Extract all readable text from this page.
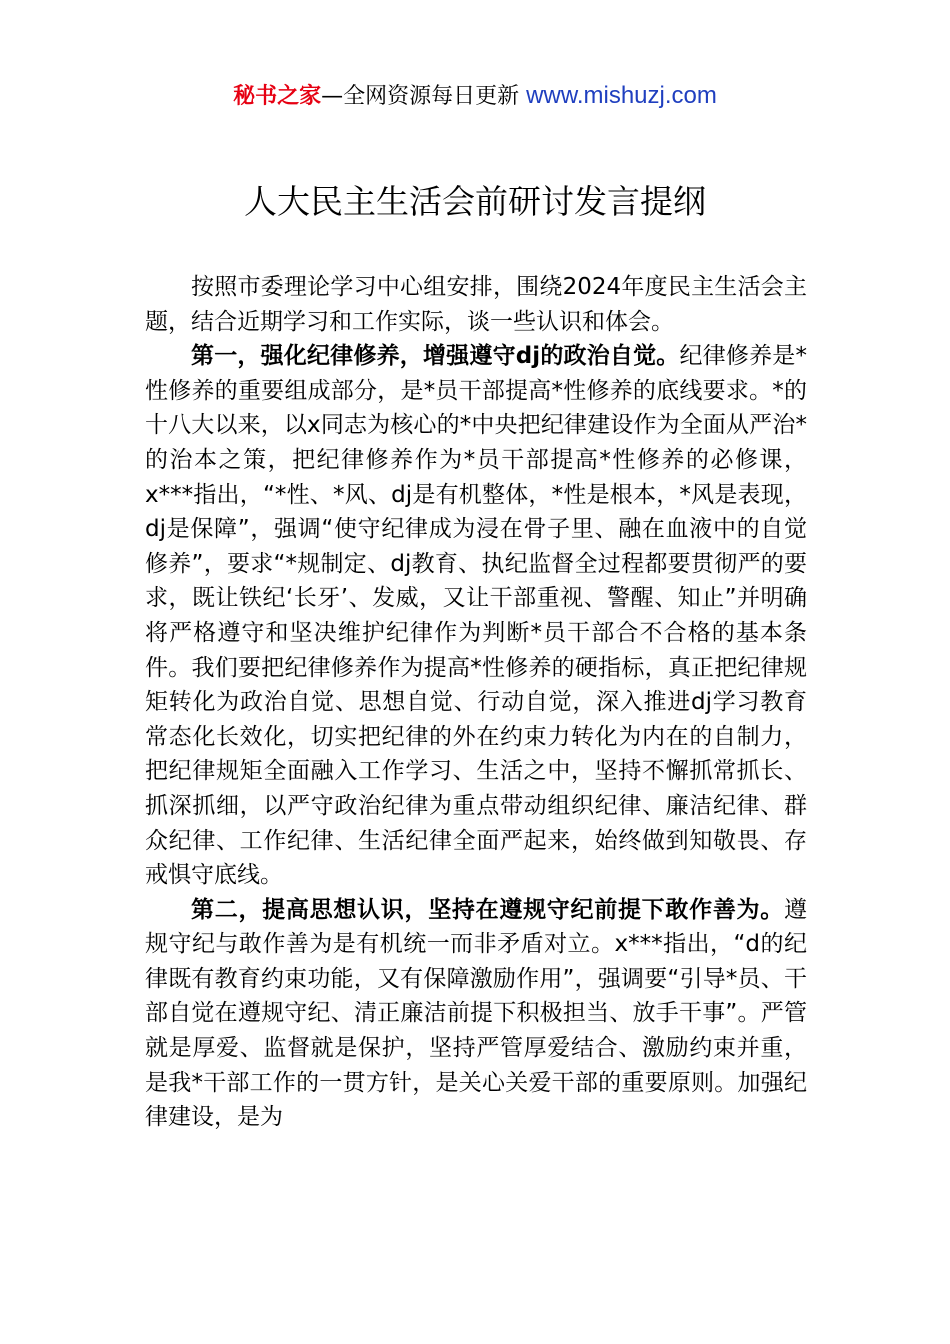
秘书之家—全网资源每日更新 www.mishuzj.com
人大民主生活会前研讨发言提纲

按照市委理论学习中心组安排，围绕2024年度民主生活会主题，结合近期学习和工作实际，谈一些认识和体会。

第一，强化纪律修养，增强遵守dj的政治自觉。纪律修养是*性修养的重要组成部分，是*员干部提高*性修养的底线要求。*的十八大以来，以x同志为核心的*中央把纪律建设作为全面从严治*的治本之策，把纪律修养作为*员干部提高*性修养的必修课，x***指出，“*性、*风、dj是有机整体，*性是根本，*风是表现，dj是保障”，强调“使守纪律成为浸在骨子里、融在血液中的自觉修养”，要求“*规制定、dj教育、执纪监督全过程都要贯彻严的要求，既让铁纪‘长牙’、发威，又让干部重视、警醒、知止”并明确将严格遵守和坚决维护纪律作为判断*员干部合不合格的基本条件。我们要把纪律修养作为提高*性修养的硬指标，真正把纪律规矩转化为政治自觉、思想自觉、行动自觉，深入推进dj学习教育常态化长效化，切实把纪律的外在约束力转化为内在的自制力，把纪律规矩全面融入工作学习、生活之中，坚持不懈抓常抓长、抓深抓细，以严守政治纪律为重点带动组织纪律、廉洁纪律、群众纪律、工作纪律、生活纪律全面严起来，始终做到知敬畏、存戒惧守底线。

第二，提高思想认识，坚持在遵规守纪前提下敢作善为。遵规守纪与敢作善为是有机统一而非矛盾对立。x***指出，“d的纪律既有教育约束功能，又有保障激励作用”，强调要“引导*员、干部自觉在遵规守纪、清正廉洁前提下积极担当、放手干事”。严管就是厚爱、监督就是保护，坚持严管厚爱结合、激励约束并重，是我*干部工作的一贯方针，是关心关爱干部的重要原则。加强纪律建设，是为
